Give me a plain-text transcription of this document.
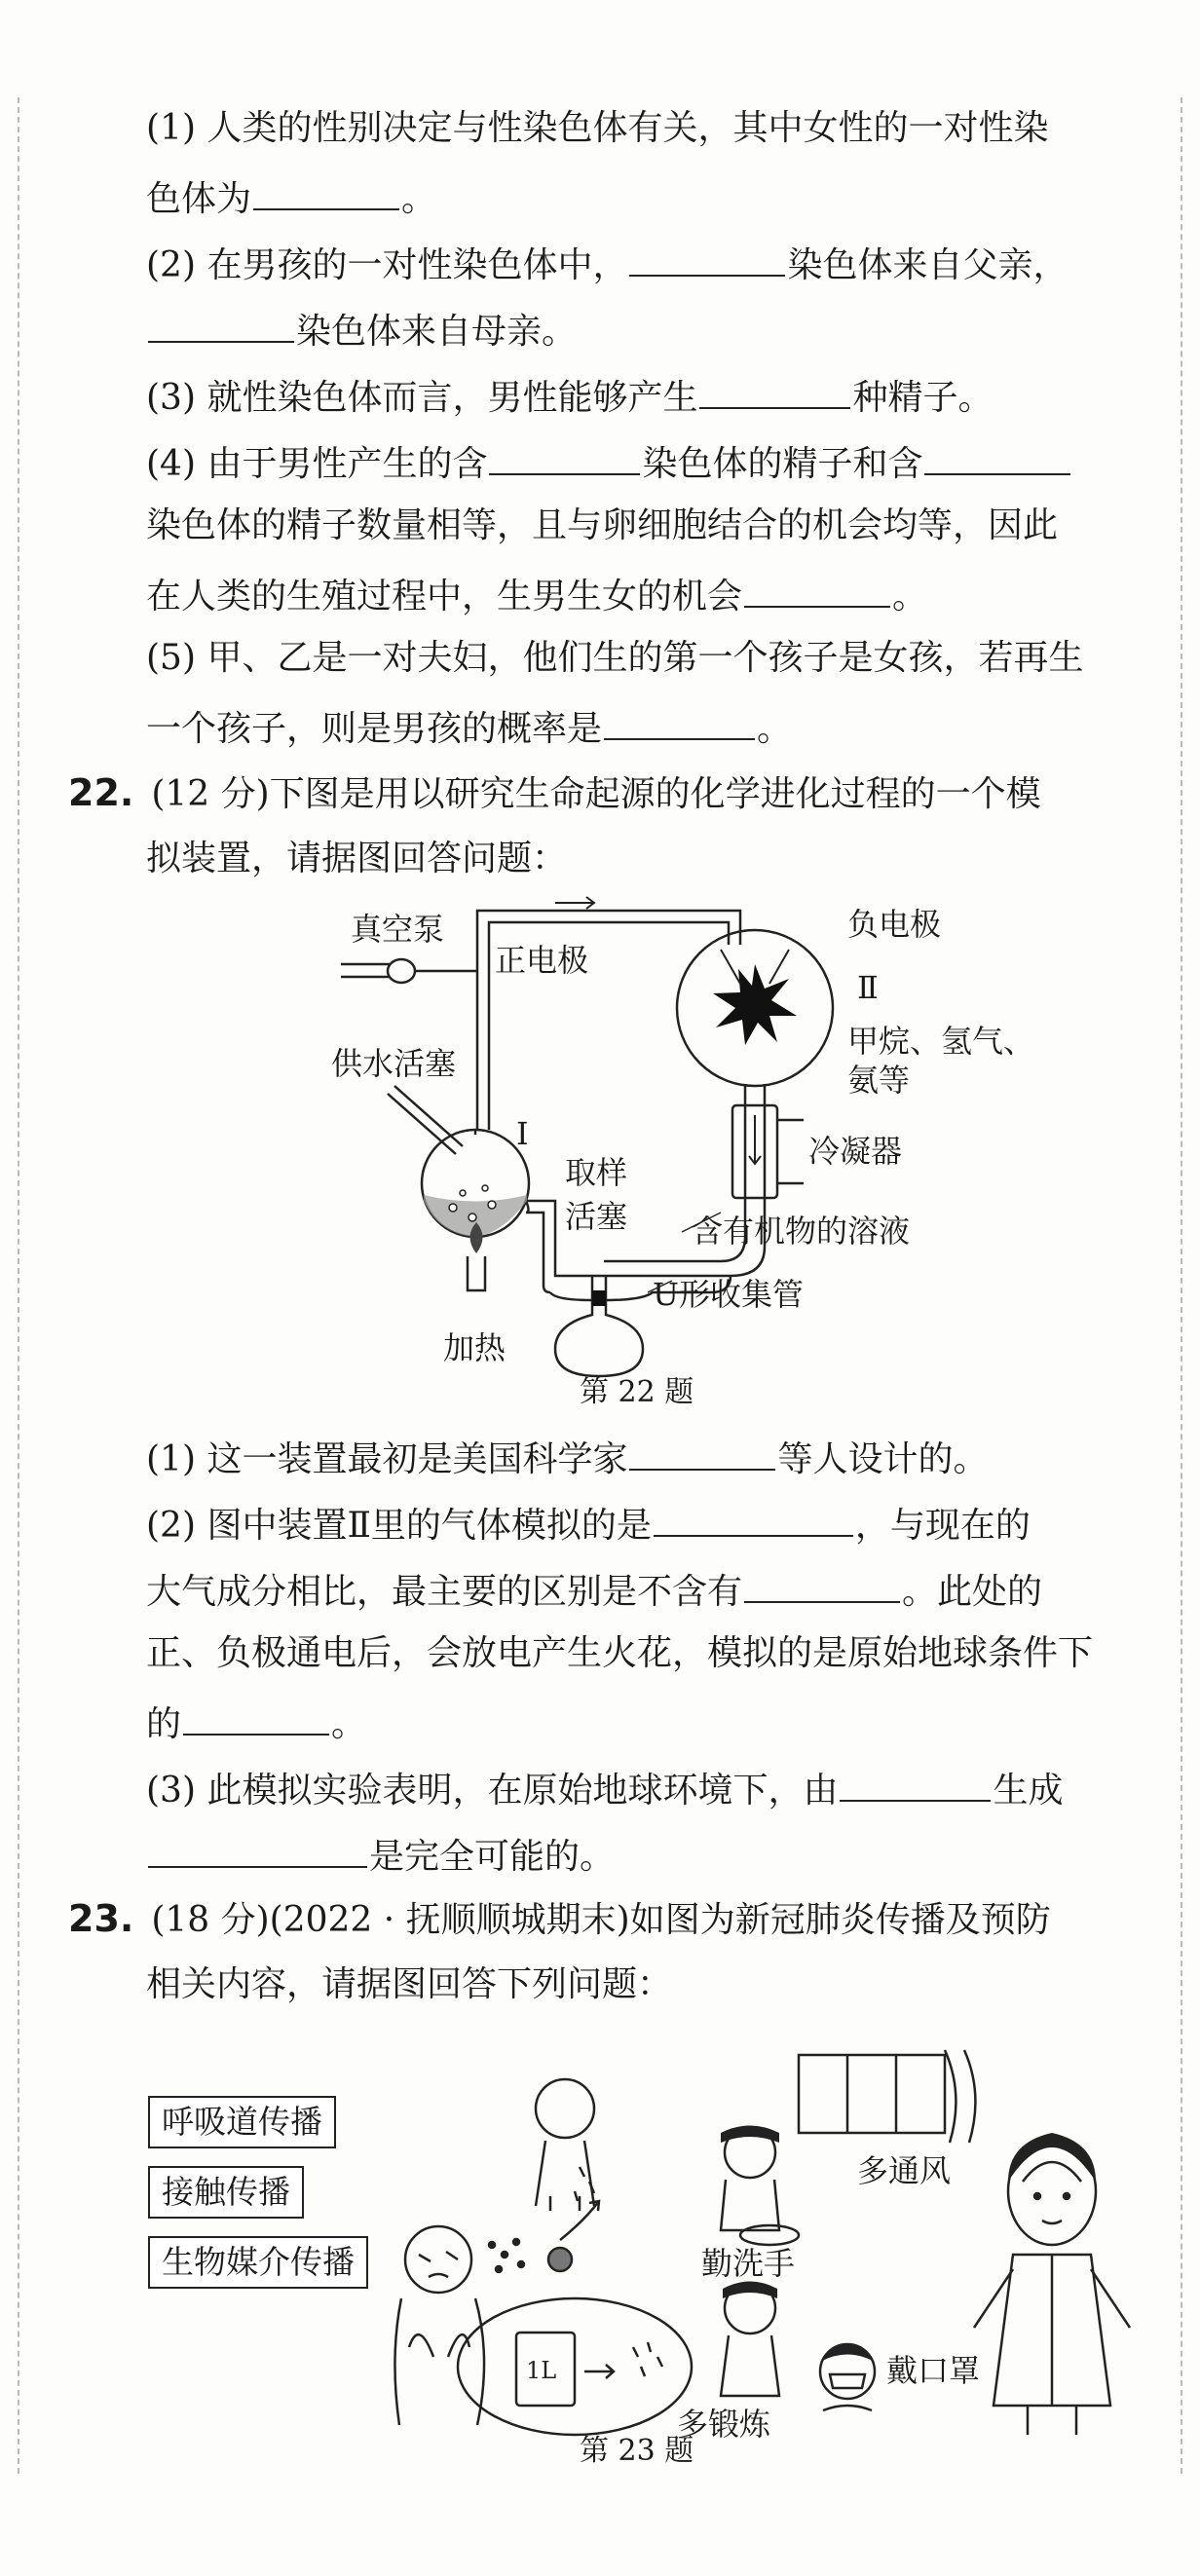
(1) 人类的性别决定与性染色体有关，其中女性的一对性染
色体为	。
(2) 在男孩的一对性染色体中，	染色体来自父亲，
染色体来自母亲。
(3) 就性染色体而言，男性能够产生	种精子。
(4) 由于男性产生的含	染色体的精子和含
染色体的精子数量相等，且与卵细胞结合的机会均等，因此
在人类的生殖过程中，生男生女的机会	。
(5) 甲、乙是一对夫妇，他们生的第一个孩子是女孩，若再生
一个孩子，则是男孩的概率是	。
22. (12 分)下图是用以研究生命起源的化学进化过程的一个模
拟装置，请据图回答问题：
正电极
负电极
Ⅱ
真空泵
甲烷、氢气、
氨等
供水活塞
Ⅰ	冷凝器
取样
活塞 含有机物的溶液
U形收集管
加热
第 22 题
(1) 这一装置最初是美国科学家	等人设计的。
(2) 图中装置Ⅱ里的气体模拟的是	，与现在的
大气成分相比，最主要的区别是不含有	。此处的
正、负极通电后，会放电产生火花，模拟的是原始地球条件下
的	。
(3) 此模拟实验表明，在原始地球环境下，由	生成
是完全可能的。
23. (18 分)(2022 · 抚顺顺城期末)如图为新冠肺炎传播及预防
相关内容，请据图回答下列问题：
呼吸道传播
接触传播
生物媒介传播
1L
多通风
勤洗手
多锻炼
戴口罩
第 23 题
